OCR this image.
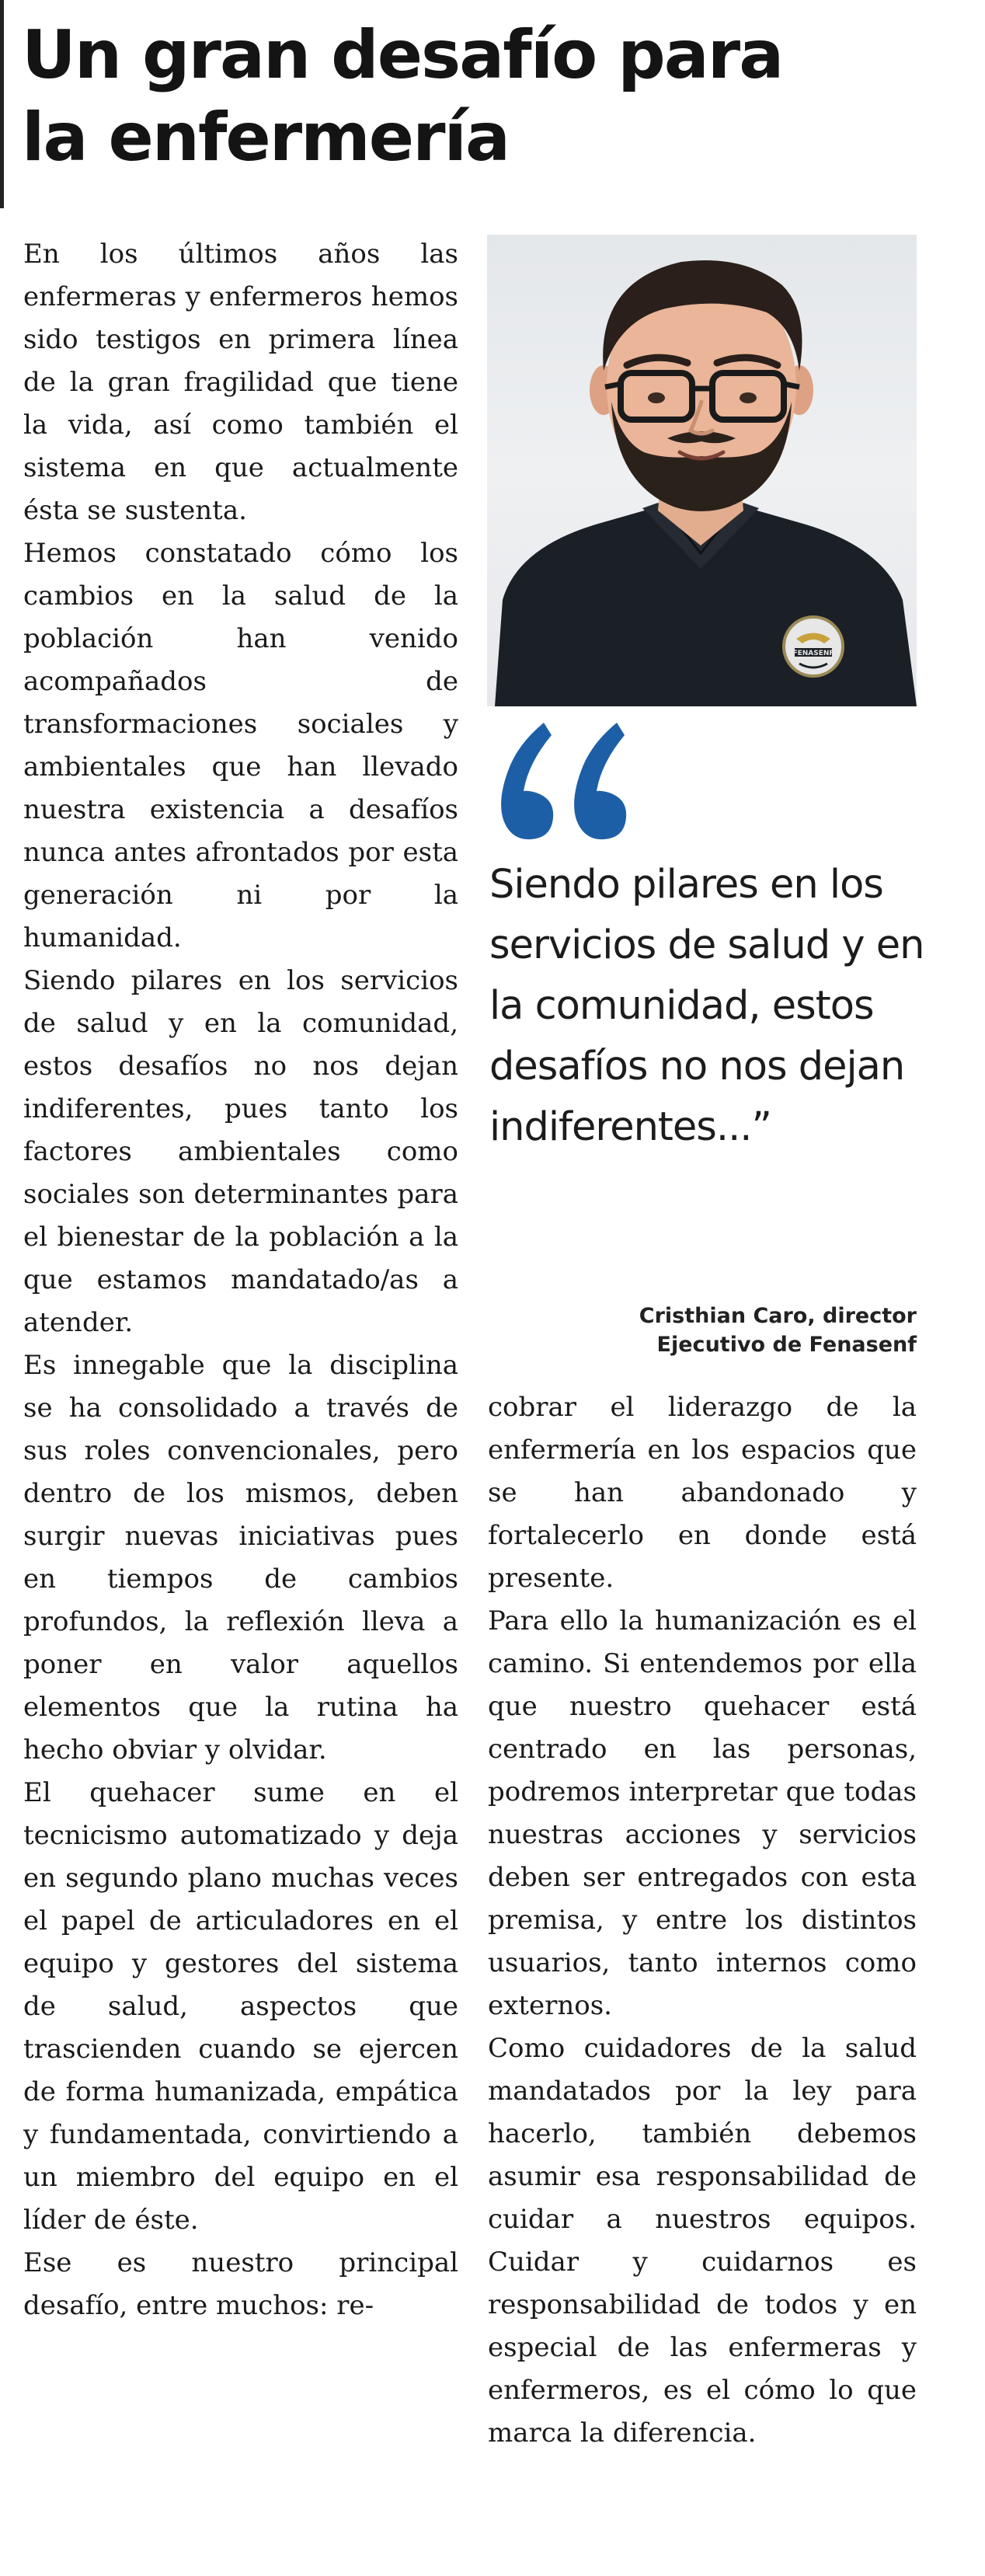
Un gran desafío para
la enfermería

En los últimos años las enfermeras y enfermeros hemos sido testigos en primera línea de la gran fragilidad que tiene la vida, así como también el sistema en que actualmente ésta se sustenta.

Hemos constatado cómo los cambios en la salud de la población han venido acompañados de transformaciones sociales y ambientales que han llevado nuestra existencia a desafíos nunca antes afrontados por esta generación ni por la humanidad.

Siendo pilares en los servicios de salud y en la comunidad, estos desafíos no nos dejan indiferentes, pues tanto los factores ambientales como sociales son determinantes para el bienestar de la población a la que estamos mandatado/as a atender.

Es innegable que la disciplina se ha consolidado a través de sus roles convencionales, pero dentro de los mismos, deben surgir nuevas iniciativas pues en tiempos de cambios profundos, la reflexión lleva a poner en valor aquellos elementos que la rutina ha hecho obviar y olvidar.

El quehacer sume en el tecnicismo automatizado y deja en segundo plano muchas veces el papel de articuladores en el equipo y gestores del sistema de salud, aspectos que trascienden cuando se ejercen de forma humanizada, empática y fundamentada, convirtiendo a un miembro del equipo en el líder de éste.

Ese es nuestro principal desafío, entre muchos: re-

FENASENF

Siendo pilares en los servicios de salud y en la comunidad, estos desafíos no nos dejan indiferentes...”

Cristhian Caro, director
Ejecutivo de Fenasenf

cobrar el liderazgo de la enfermería en los espacios que se han abandonado y fortalecerlo en donde está presente.

Para ello la humanización es el camino. Si entendemos por ella que nuestro quehacer está centrado en las personas, podremos interpretar que todas nuestras acciones y servicios deben ser entregados con esta premisa, y entre los distintos usuarios, tanto internos como externos.

Como cuidadores de la salud mandatados por la ley para hacerlo, también debemos asumir esa responsabilidad de cuidar a nuestros equipos. Cuidar y cuidarnos es responsabilidad de todos y en especial de las enfermeras y enfermeros, es el cómo lo que marca la diferencia.
